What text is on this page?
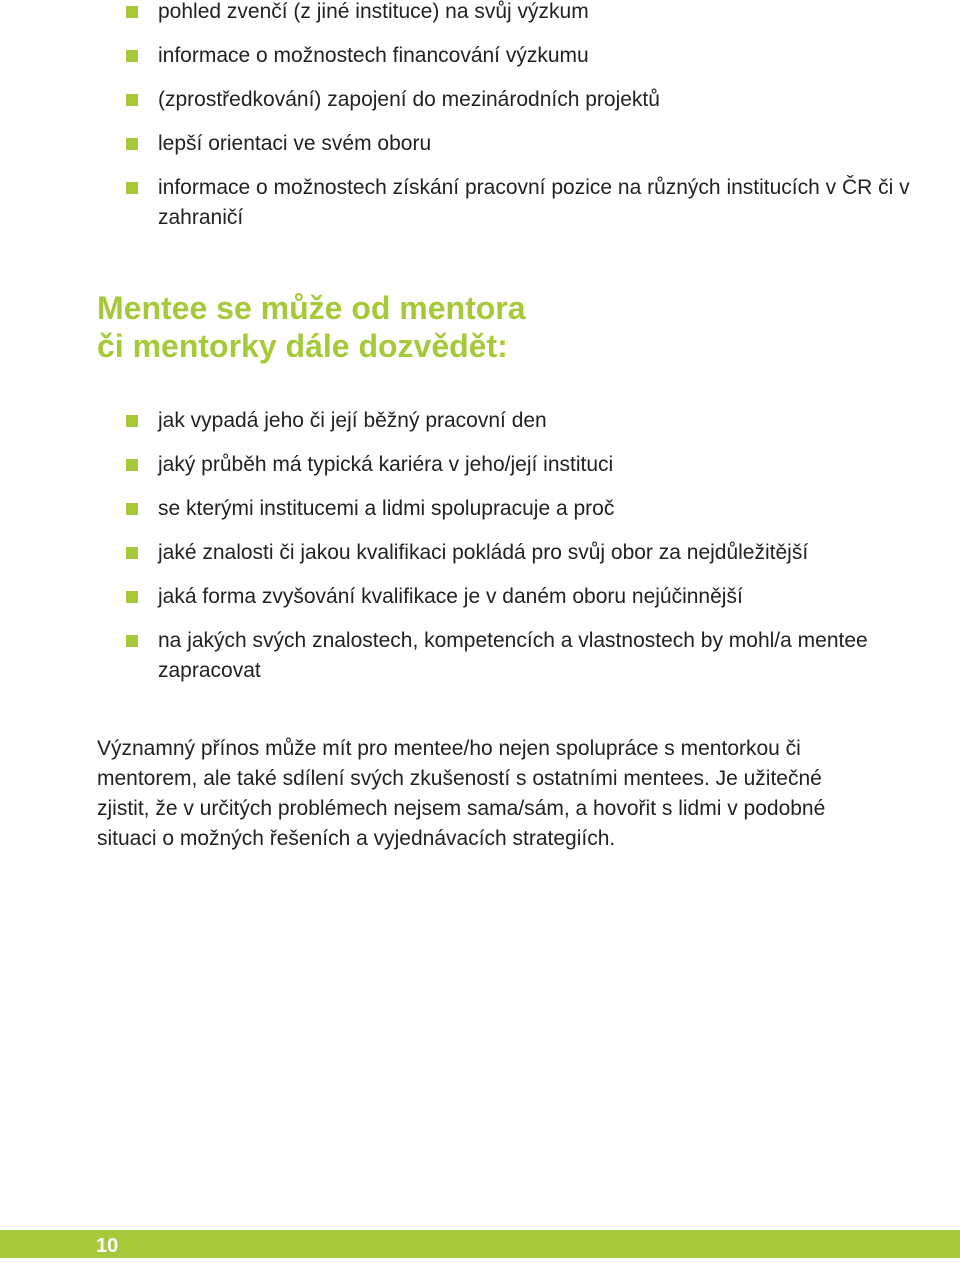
pohled zvenčí (z jiné instituce) na svůj výzkum
informace o možnostech financování výzkumu
(zprostředkování) zapojení do mezinárodních projektů
lepší orientaci ve svém oboru
informace o možnostech získání pracovní pozice na různých institucích v ČR či v zahraničí
Mentee se může od mentora
či mentorky dále dozvědět:
jak vypadá jeho či její běžný pracovní den
jaký průběh má typická kariéra v jeho/její instituci
se kterými institucemi a lidmi spolupracuje a proč
jaké znalosti či jakou kvalifikaci pokládá pro svůj obor za nejdůležitější
jaká forma zvyšování kvalifikace je v daném oboru nejúčinnější
na jakých svých znalostech, kompetencích a vlastnostech by mohl/a mentee zapracovat

Významný přínos může mít pro mentee/ho nejen spolupráce s mentorkou či mentorem, ale také sdílení svých zkušeností s ostatními mentees. Je užitečné zjistit, že v určitých problémech nejsem sama/sám, a hovořit s lidmi v podobné situaci o možných řešeních a vyjednávacích strategiích.

10
